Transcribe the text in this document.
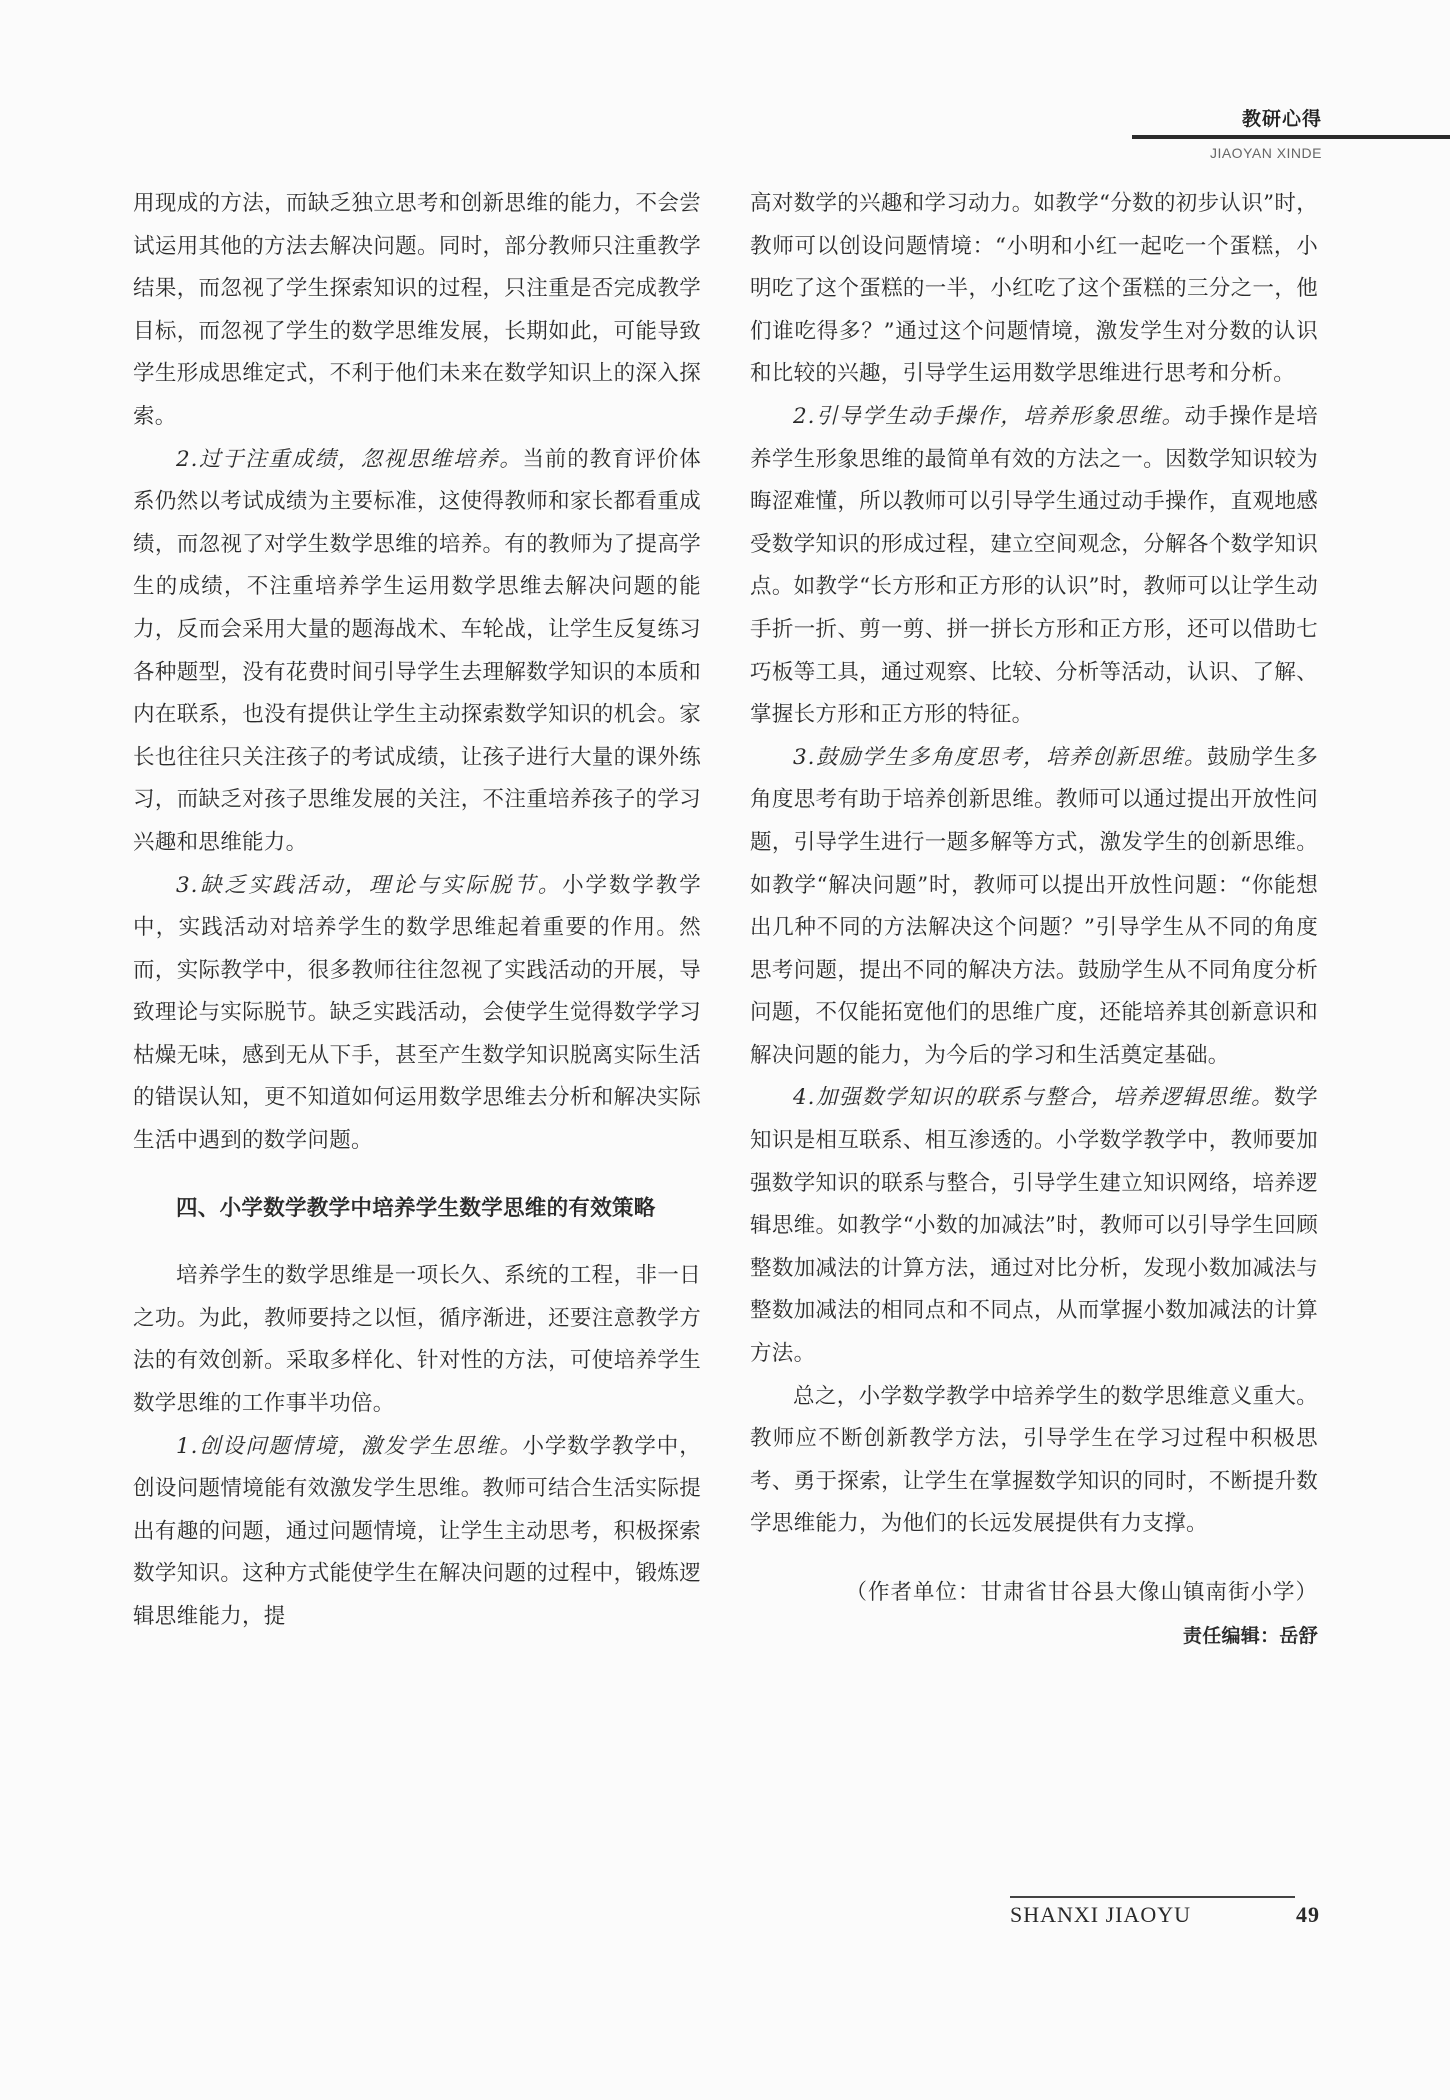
教研心得
JIAOYAN XINDE

用现成的方法，而缺乏独立思考和创新思维的能力，不会尝试运用其他的方法去解决问题。同时，部分教师只注重教学结果，而忽视了学生探索知识的过程，只注重是否完成教学目标，而忽视了学生的数学思维发展，长期如此，可能导致学生形成思维定式，不利于他们未来在数学知识上的深入探索。

2.过于注重成绩，忽视思维培养。当前的教育评价体系仍然以考试成绩为主要标准，这使得教师和家长都看重成绩，而忽视了对学生数学思维的培养。有的教师为了提高学生的成绩，不注重培养学生运用数学思维去解决问题的能力，反而会采用大量的题海战术、车轮战，让学生反复练习各种题型，没有花费时间引导学生去理解数学知识的本质和内在联系，也没有提供让学生主动探索数学知识的机会。家长也往往只关注孩子的考试成绩，让孩子进行大量的课外练习，而缺乏对孩子思维发展的关注，不注重培养孩子的学习兴趣和思维能力。

3.缺乏实践活动，理论与实际脱节。小学数学教学中，实践活动对培养学生的数学思维起着重要的作用。然而，实际教学中，很多教师往往忽视了实践活动的开展，导致理论与实际脱节。缺乏实践活动，会使学生觉得数学学习枯燥无味，感到无从下手，甚至产生数学知识脱离实际生活的错误认知，更不知道如何运用数学思维去分析和解决实际生活中遇到的数学问题。

四、小学数学教学中培养学生数学思维的有效策略

培养学生的数学思维是一项长久、系统的工程，非一日之功。为此，教师要持之以恒，循序渐进，还要注意教学方法的有效创新。采取多样化、针对性的方法，可使培养学生数学思维的工作事半功倍。

1.创设问题情境，激发学生思维。小学数学教学中，创设问题情境能有效激发学生思维。教师可结合生活实际提出有趣的问题，通过问题情境，让学生主动思考，积极探索数学知识。这种方式能使学生在解决问题的过程中，锻炼逻辑思维能力，提

高对数学的兴趣和学习动力。如教学“分数的初步认识”时，教师可以创设问题情境：“小明和小红一起吃一个蛋糕，小明吃了这个蛋糕的一半，小红吃了这个蛋糕的三分之一，他们谁吃得多？”通过这个问题情境，激发学生对分数的认识和比较的兴趣，引导学生运用数学思维进行思考和分析。

2.引导学生动手操作，培养形象思维。动手操作是培养学生形象思维的最简单有效的方法之一。因数学知识较为晦涩难懂，所以教师可以引导学生通过动手操作，直观地感受数学知识的形成过程，建立空间观念，分解各个数学知识点。如教学“长方形和正方形的认识”时，教师可以让学生动手折一折、剪一剪、拼一拼长方形和正方形，还可以借助七巧板等工具，通过观察、比较、分析等活动，认识、了解、掌握长方形和正方形的特征。

3.鼓励学生多角度思考，培养创新思维。鼓励学生多角度思考有助于培养创新思维。教师可以通过提出开放性问题，引导学生进行一题多解等方式，激发学生的创新思维。如教学“解决问题”时，教师可以提出开放性问题：“你能想出几种不同的方法解决这个问题？”引导学生从不同的角度思考问题，提出不同的解决方法。鼓励学生从不同角度分析问题，不仅能拓宽他们的思维广度，还能培养其创新意识和解决问题的能力，为今后的学习和生活奠定基础。

4.加强数学知识的联系与整合，培养逻辑思维。数学知识是相互联系、相互渗透的。小学数学教学中，教师要加强数学知识的联系与整合，引导学生建立知识网络，培养逻辑思维。如教学“小数的加减法”时，教师可以引导学生回顾整数加减法的计算方法，通过对比分析，发现小数加减法与整数加减法的相同点和不同点，从而掌握小数加减法的计算方法。

总之，小学数学教学中培养学生的数学思维意义重大。教师应不断创新教学方法，引导学生在学习过程中积极思考、勇于探索，让学生在掌握数学知识的同时，不断提升数学思维能力，为他们的长远发展提供有力支撑。

（作者单位：甘肃省甘谷县大像山镇南街小学）
责任编辑：岳舒
SHANXI JIAOYU	49
